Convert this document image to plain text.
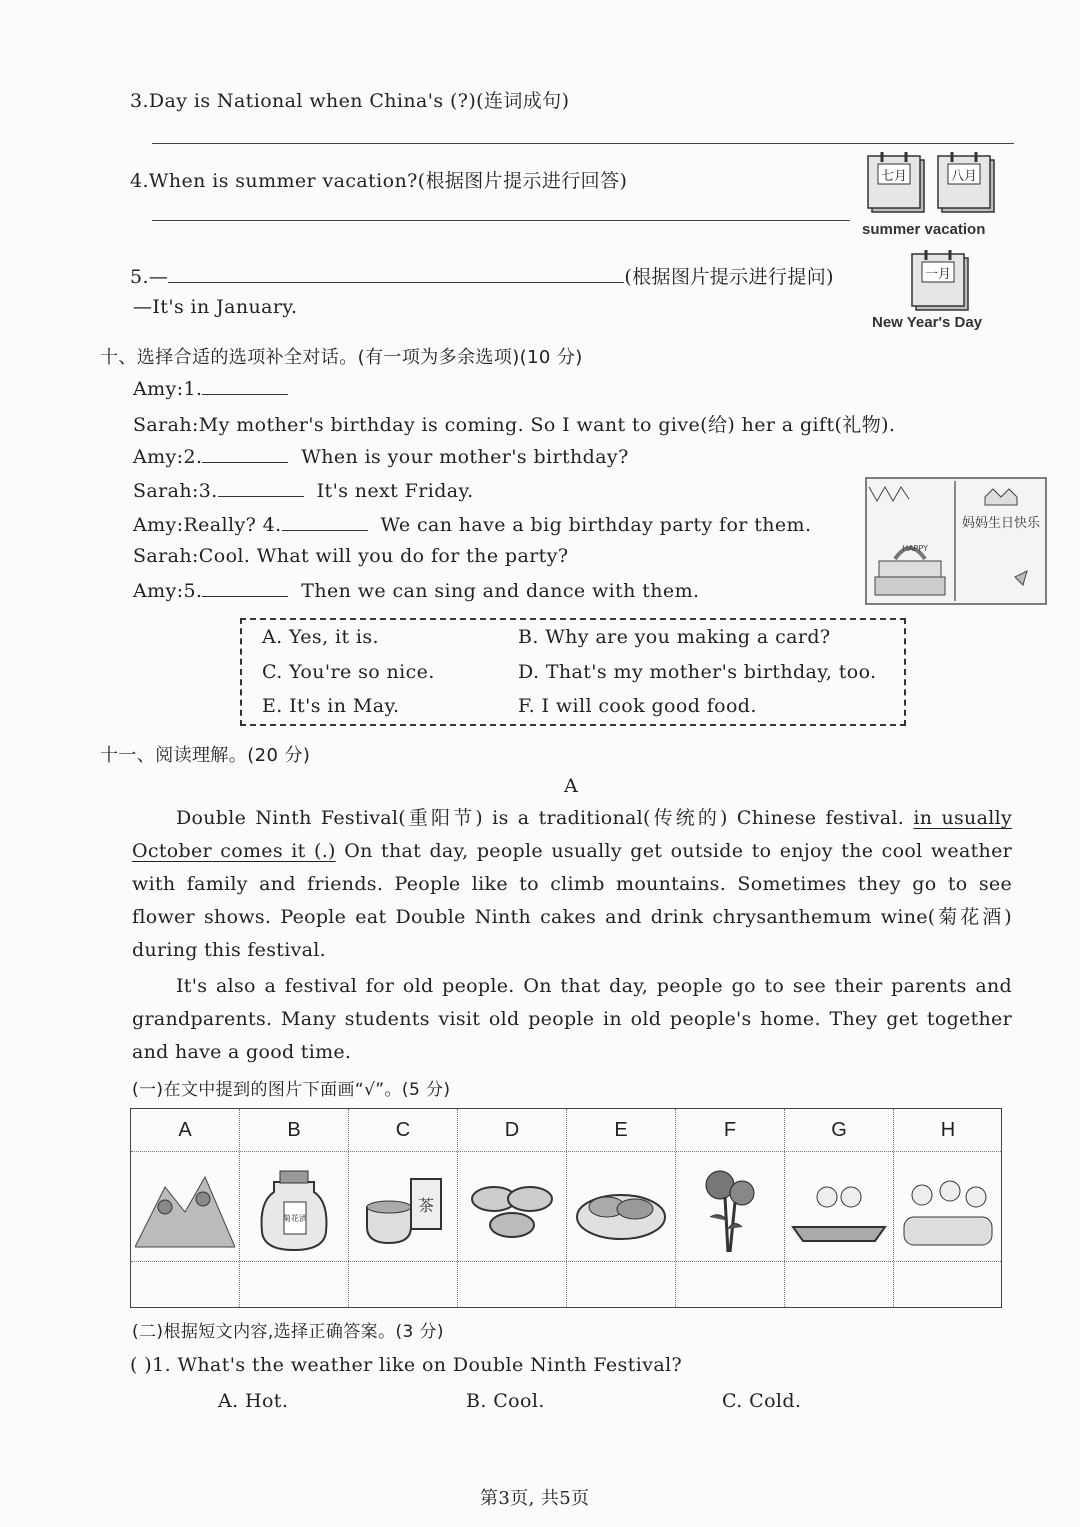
3.Day is National when China's (?)(连词成句)
4.When is summer vacation?(根据图片提示进行回答)	七月	八月
summer vacation
5.—	(根据图片提示进行提问)
—It's in January.
一月
New Year's Day
十、选择合适的选项补全对话。(有一项为多余选项)(10 分)
Amy:1.
Sarah:My mother's birthday is coming. So I want to give(给) her a gift(礼物).
Amy:2.	When is your mother's birthday?
Sarah:3.	It's next Friday.
Amy:Really? 4.	We can have a big birthday party for them.
Sarah:Cool. What will you do for the party?
Amy:5.	Then we can sing and dance with them.
HAPPY
妈妈生日快乐
A. Yes, it is.	B. Why are you making a card?
C. You're so nice.	D. That's my mother's birthday, too.
E. It's in May.	F. I will cook good food.
十一、阅读理解。(20 分)
A
Double Ninth Festival(重阳节) is a traditional(传统的) Chinese festival. in usually October comes it (.) On that day, people usually get outside to enjoy the cool weather with family and friends. People like to climb mountains. Sometimes they go to see flower shows. People eat Double Ninth cakes and drink chrysanthemum wine(菊花酒) during this festival.
It's also a festival for old people. On that day, people go to see their parents and grandparents. Many students visit old people in old people's home. They get together and have a good time.
(一)在文中提到的图片下面画“√”。(5 分)
A	B	C	D	E	F	G	H
菊花酒
茶
(二)根据短文内容,选择正确答案。(3 分)
( )1. What's the weather like on Double Ninth Festival?
A. Hot.	B. Cool.	C. Cold.
第3页, 共5页
